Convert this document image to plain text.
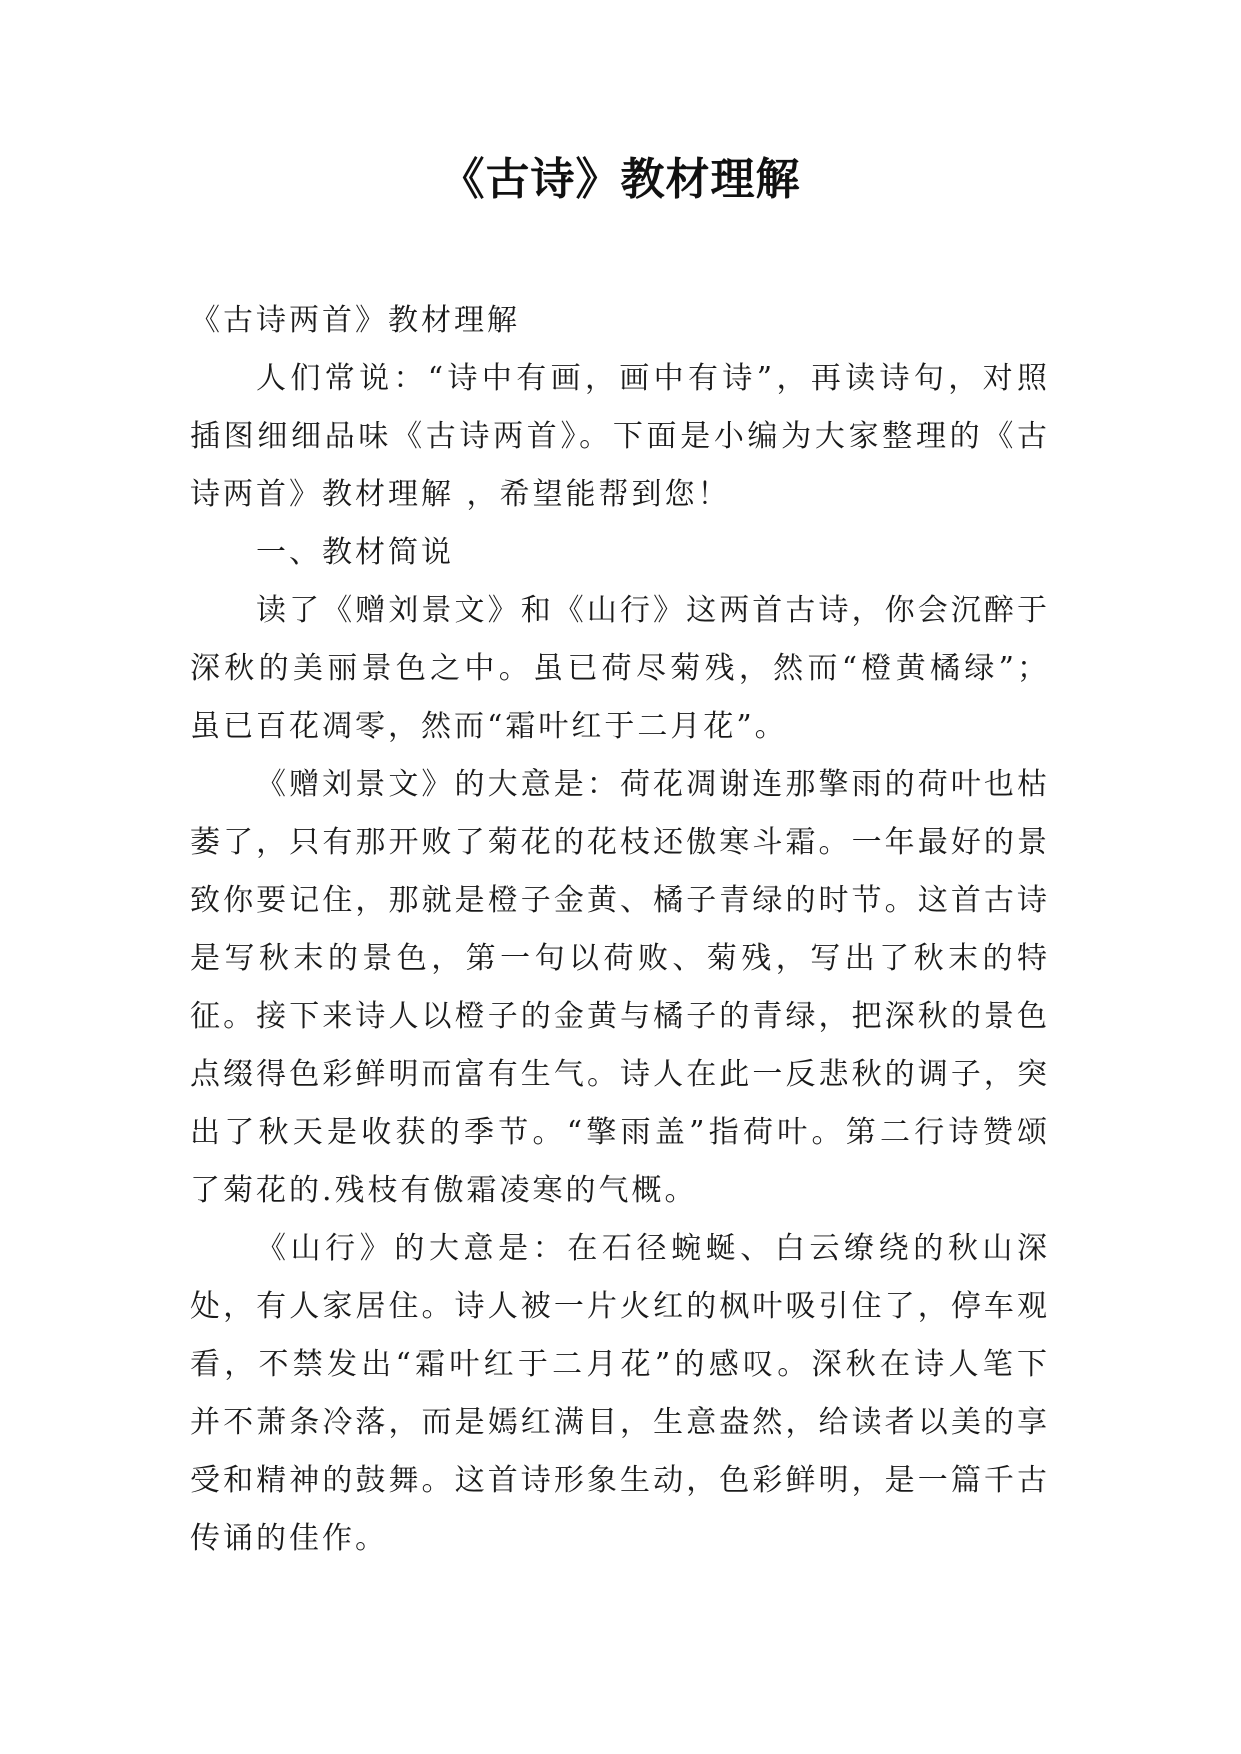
《古诗》教材理解

《古诗两首》教材理解

人们常说：“诗中有画，画中有诗”，再读诗句，对照插图细细品味《古诗两首》。下面是小编为大家整理的《古诗两首》教材理解 ，希望能帮到您！

一、教材简说

读了《赠刘景文》和《山行》这两首古诗，你会沉醉于深秋的美丽景色之中。虽已荷尽菊残，然而“橙黄橘绿”；虽已百花凋零，然而“霜叶红于二月花”。

《赠刘景文》的大意是：荷花凋谢连那擎雨的荷叶也枯萎了，只有那开败了菊花的花枝还傲寒斗霜。一年最好的景致你要记住，那就是橙子金黄、橘子青绿的时节。这首古诗是写秋末的景色，第一句以荷败、菊残，写出了秋末的特征。接下来诗人以橙子的金黄与橘子的青绿，把深秋的景色点缀得色彩鲜明而富有生气。诗人在此一反悲秋的调子，突出了秋天是收获的季节。“擎雨盖”指荷叶。第二行诗赞颂了菊花的.残枝有傲霜凌寒的气概。

《山行》的大意是：在石径蜿蜒、白云缭绕的秋山深处，有人家居住。诗人被一片火红的枫叶吸引住了，停车观看，不禁发出“霜叶红于二月花”的感叹。深秋在诗人笔下并不萧条冷落，而是嫣红满目，生意盎然，给读者以美的享受和精神的鼓舞。这首诗形象生动，色彩鲜明，是一篇千古传诵的佳作。
